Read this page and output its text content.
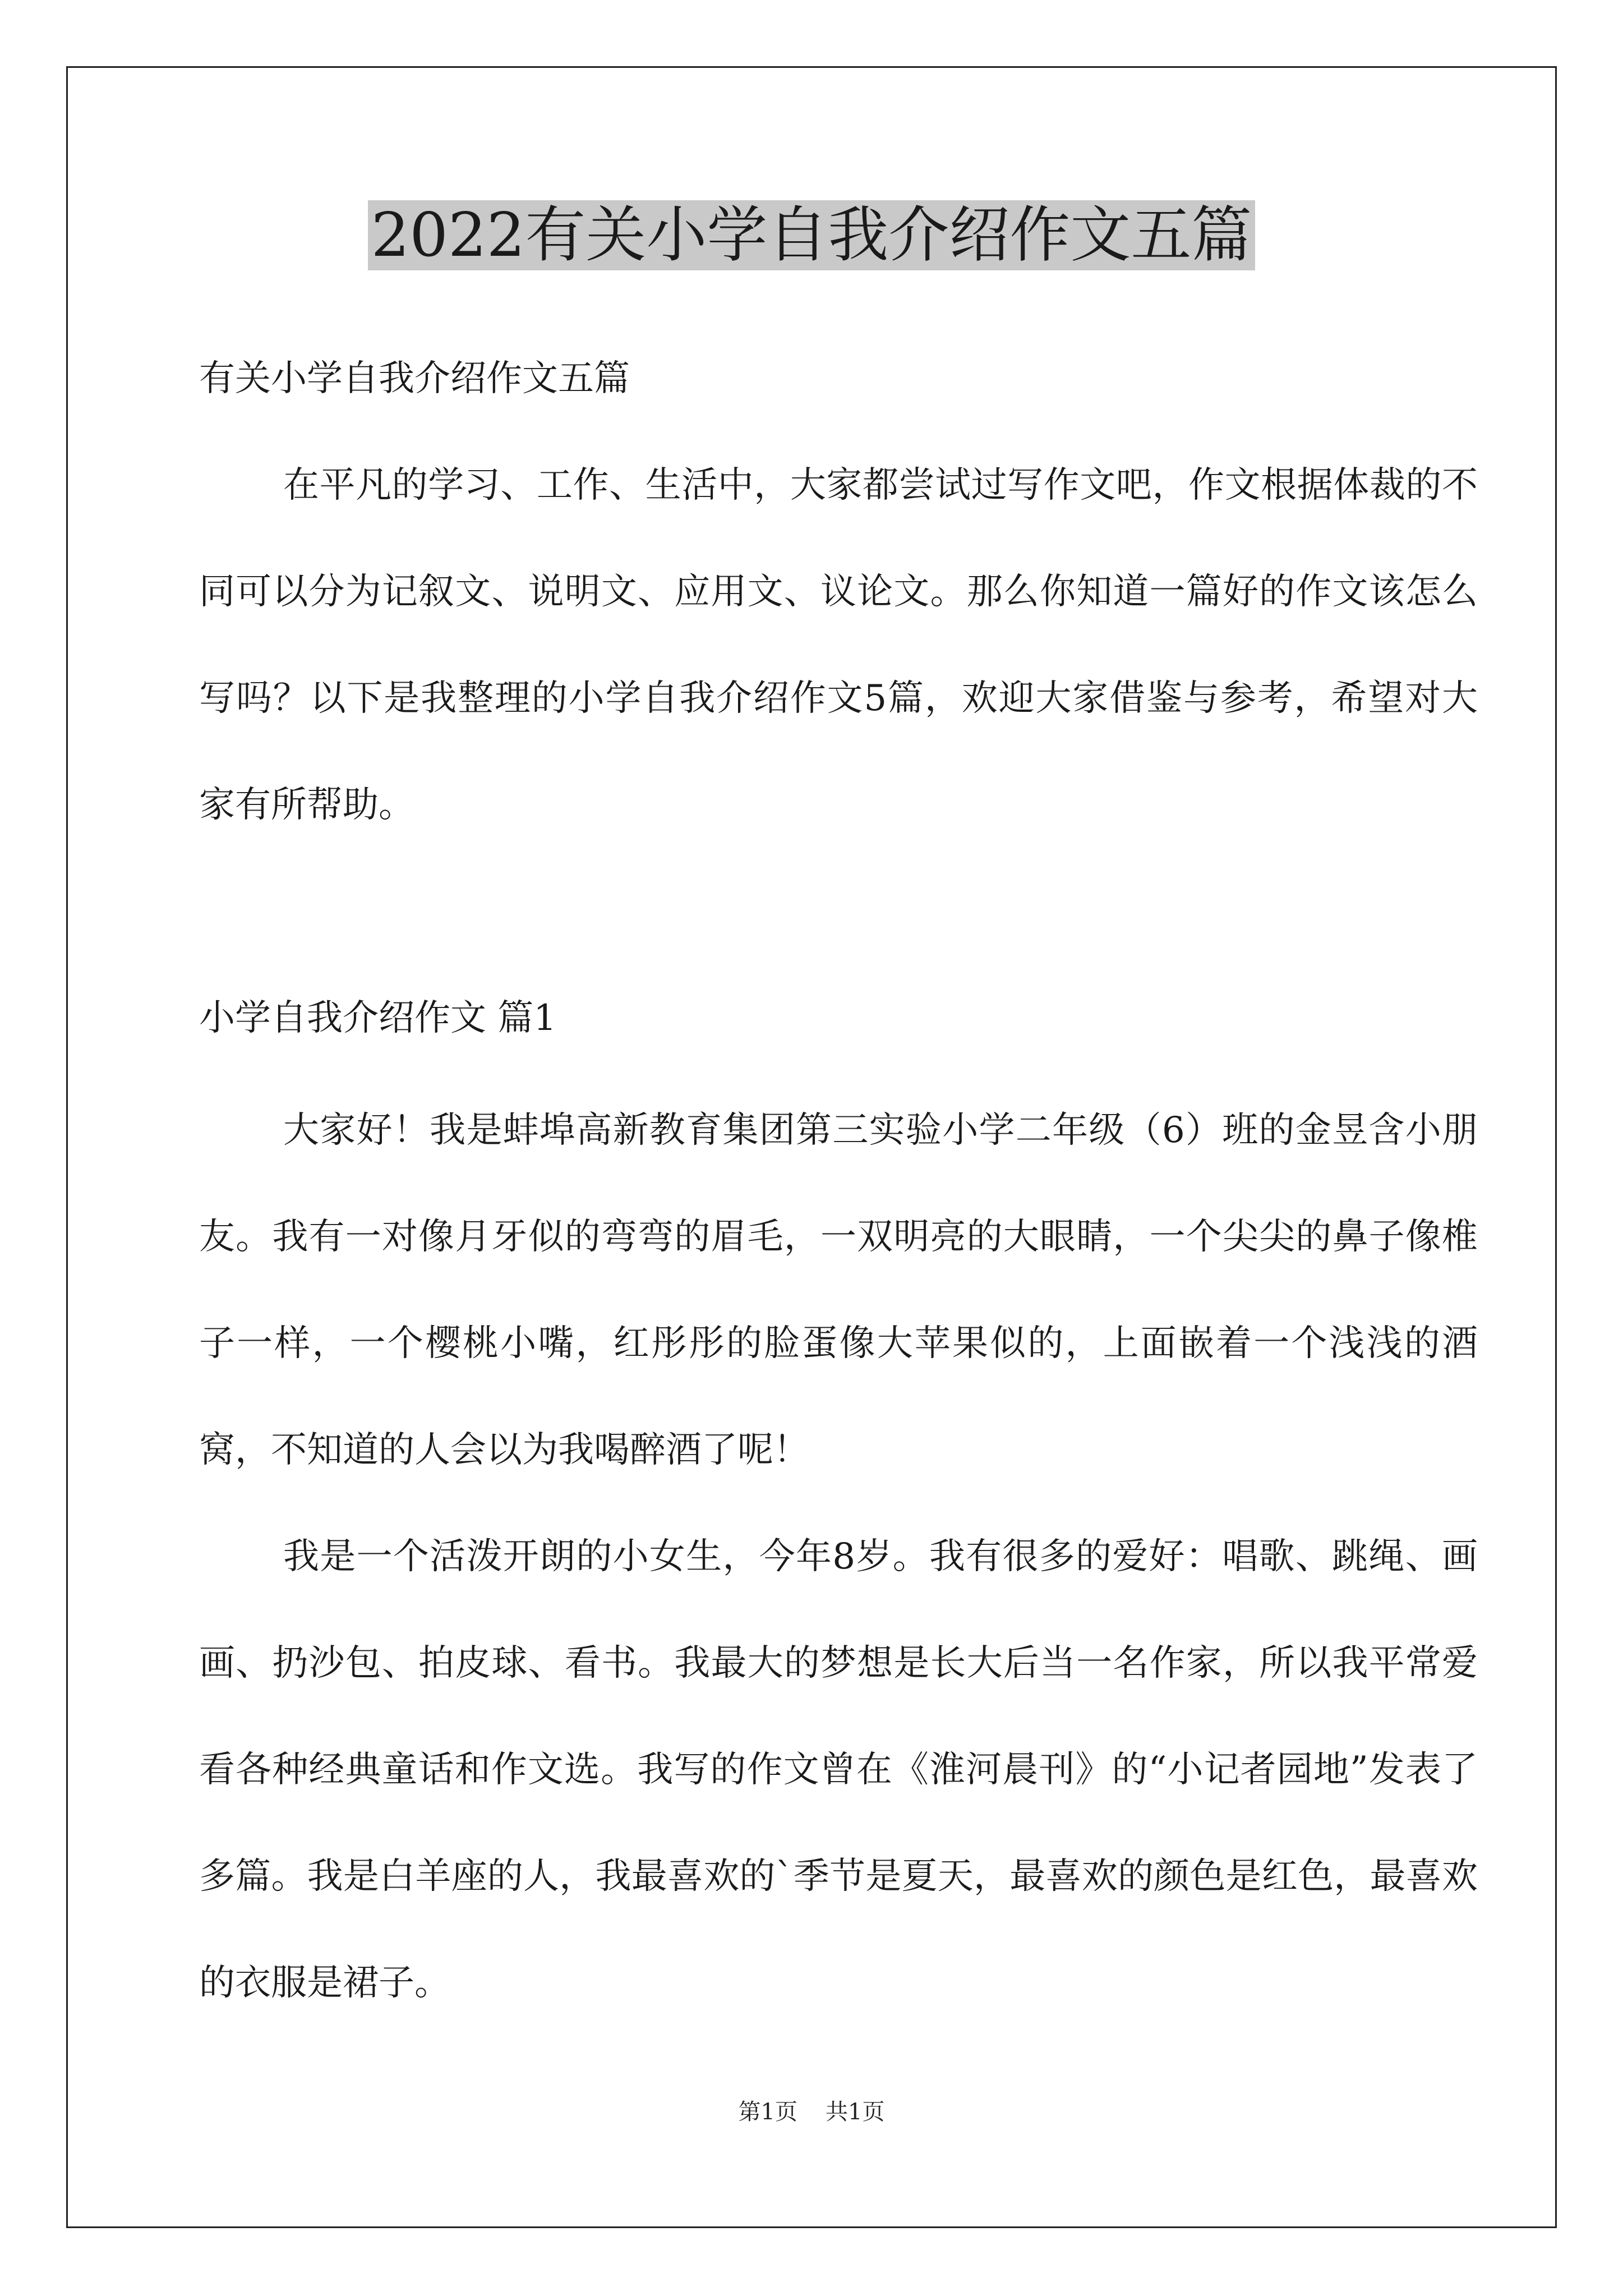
2022有关小学自我介绍作文五篇

有关小学自我介绍作文五篇

在平凡的学习、工作、生活中，大家都尝试过写作文吧，作文根据体裁的不同可以分为记叙文、说明文、应用文、议论文。那么你知道一篇好的作文该怎么写吗？以下是我整理的小学自我介绍作文5篇，欢迎大家借鉴与参考，希望对大家有所帮助。

小学自我介绍作文 篇1

大家好！我是蚌埠高新教育集团第三实验小学二年级（6）班的金昱含小朋友。我有一对像月牙似的弯弯的眉毛，一双明亮的大眼睛，一个尖尖的鼻子像椎子一样，一个樱桃小嘴，红彤彤的脸蛋像大苹果似的，上面嵌着一个浅浅的酒窝，不知道的人会以为我喝醉酒了呢！

我是一个活泼开朗的小女生，今年8岁。我有很多的爱好：唱歌、跳绳、画画、扔沙包、拍皮球、看书。我最大的梦想是长大后当一名作家，所以我平常爱看各种经典童话和作文选。我写的作文曾在《淮河晨刊》的“小记者园地”发表了多篇。我是白羊座的人，我最喜欢的`季节是夏天，最喜欢的颜色是红色，最喜欢的衣服是裙子。

第1页 共1页
